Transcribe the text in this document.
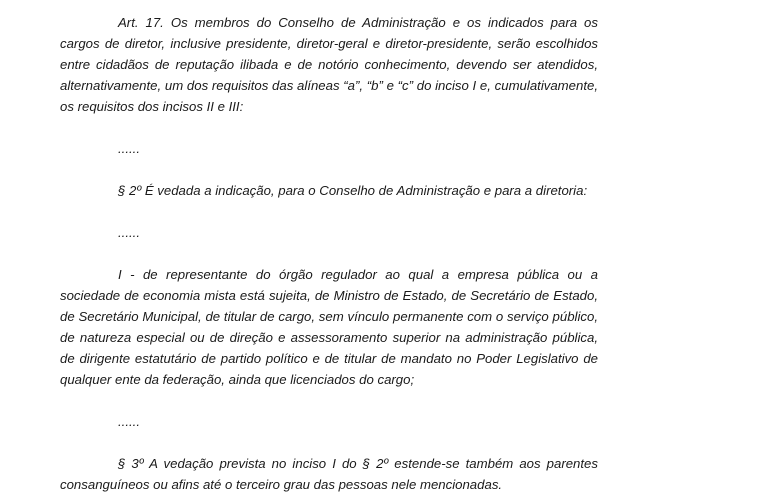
Art. 17. Os membros do Conselho de Administração e os indicados para os cargos de diretor, inclusive presidente, diretor-geral e diretor-presidente, serão escolhidos entre cidadãos de reputação ilibada e de notório conhecimento, devendo ser atendidos, alternativamente, um dos requisitos das alíneas “a”, “b” e “c” do inciso I e, cumulativamente, os requisitos dos incisos II e III:

......

§ 2º É vedada a indicação, para o Conselho de Administração e para a diretoria:

......

I - de representante do órgão regulador ao qual a empresa pública ou a sociedade de economia mista está sujeita, de Ministro de Estado, de Secretário de Estado, de Secretário Municipal, de titular de cargo, sem vínculo permanente com o serviço público, de natureza especial ou de direção e assessoramento superior na administração pública, de dirigente estatutário de partido político e de titular de mandato no Poder Legislativo de qualquer ente da federação, ainda que licenciados do cargo;

......

§ 3º A vedação prevista no inciso I do § 2º estende-se também aos parentes consanguíneos ou afins até o terceiro grau das pessoas nele mencionadas.
